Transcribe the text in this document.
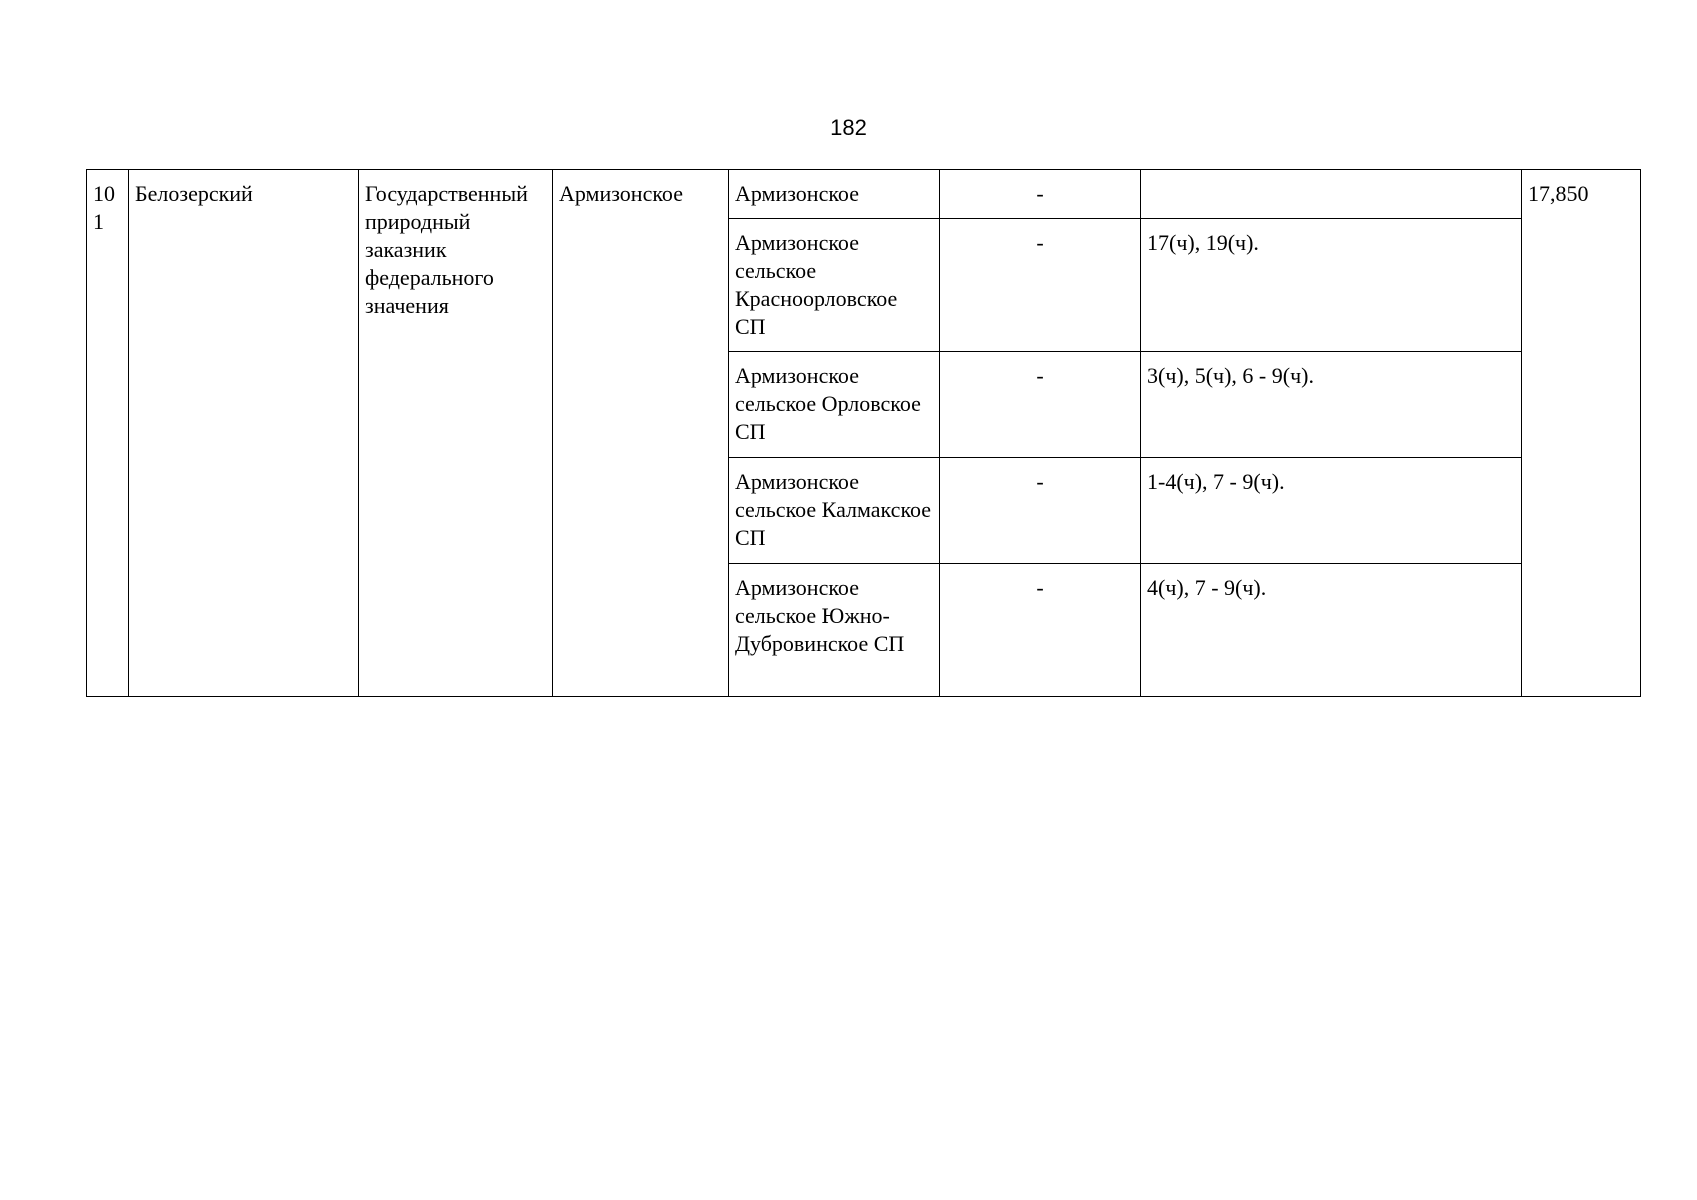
182
10 1	Белозерский	Государственный природный заказник федерального значения	Армизонское	Армизонское	-		17,850
				Армизонское сельское Красноорловское СП	-	17(ч), 19(ч).	
				Армизонское сельское Орловское СП	-	3(ч), 5(ч), 6 - 9(ч).	
				Армизонское сельское Калмакское СП	-	1-4(ч), 7 - 9(ч).	
				Армизонское сельское Южно-Дубровинское СП	-	4(ч), 7 - 9(ч).	
